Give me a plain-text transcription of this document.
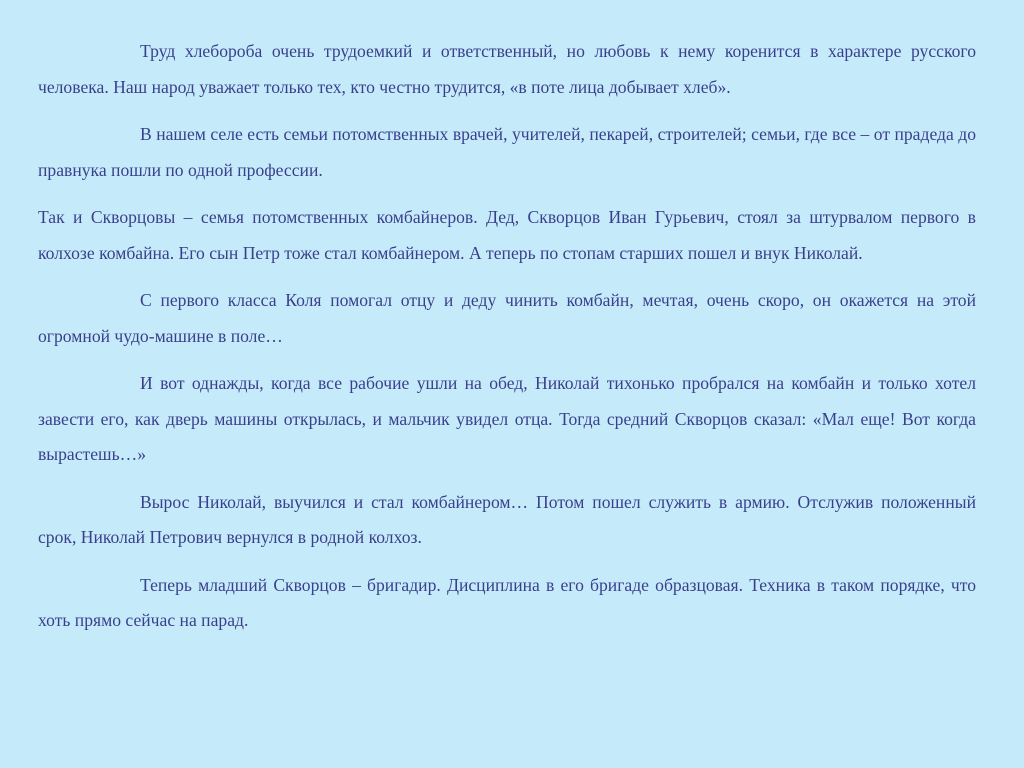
Труд хлебороба очень трудоемкий и ответственный, но любовь к нему коренится в характере русского человека. Наш народ уважает только тех, кто честно трудится, «в поте лица добывает хлеб».

В нашем селе есть семьи потомственных врачей, учителей, пекарей, строителей; семьи, где все – от прадеда до правнука пошли по одной профессии.

Так и Скворцовы – семья потомственных комбайнеров. Дед, Скворцов Иван Гурьевич, стоял за штурвалом первого в колхозе комбайна. Его сын Петр тоже стал комбайнером. А теперь по стопам старших пошел и внук Николай.

С первого класса Коля помогал отцу и деду чинить комбайн, мечтая, очень скоро, он окажется на этой огромной чудо-машине в поле…

И вот однажды, когда все рабочие ушли на обед, Николай тихонько пробрался на комбайн и только хотел завести его, как дверь машины открылась, и мальчик увидел отца. Тогда средний Скворцов сказал: «Мал еще! Вот когда вырастешь…»

Вырос Николай, выучился и стал комбайнером… Потом пошел служить в армию. Отслужив положенный срок, Николай Петрович вернулся в родной колхоз.

Теперь младший Скворцов – бригадир. Дисциплина в его бригаде образцовая. Техника в таком порядке, что хоть прямо сейчас на парад.
